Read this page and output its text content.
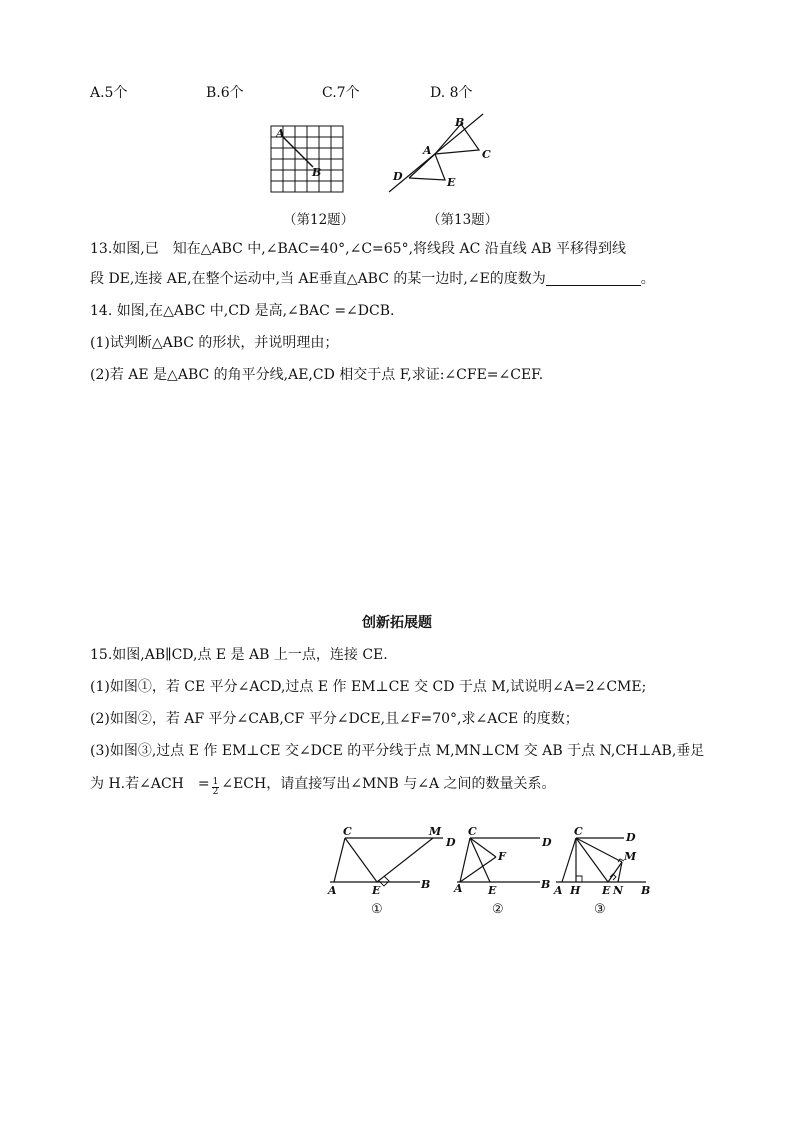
A.5个	B.6个	C.7个	D. 8个
A
B
B
A	C
D	E
（第12题）	（第13题）
13.如图,已　知在△ABC 中,∠BAC=40°,∠C=65°,将线段 AC 沿直线 AB 平移得到线
段 DE,连接 AE,在整个运动中,当 AE垂直△ABC 的某一边时,∠E的度数为	。
14. 如图,在△ABC 中,CD 是高,∠BAC =∠DCB.
(1)试判断△ABC 的形状，并说明理由；
(2)若 AE 是△ABC 的角平分线,AE,CD 相交于点 F,求证:∠CFE=∠CEF.
创新拓展题
15.如图,AB∥CD,点 E 是 AB 上一点，连接 CE.
(1)如图①，若 CE 平分∠ACD,过点 E 作 EM⊥CE 交 CD 于点 M,试说明∠A=2∠CME;
(2)如图②，若 AF 平分∠CAB,CF 平分∠DCE,且∠F=70°,求∠ACE 的度数；
(3)如图③,过点 E 作 EM⊥CE 交∠DCE 的平分线于点 M,MN⊥CM 交 AB 于点 N,CH⊥AB,垂足
为 H.若∠ACH　= $\frac{1}{2}$ ∠ECH，请直接写出∠MNB 与∠A 之间的数量关系。
C	M
D
A	E	B
①
C
D
F
A E	B
②
C	D
M
A H E N B
③
